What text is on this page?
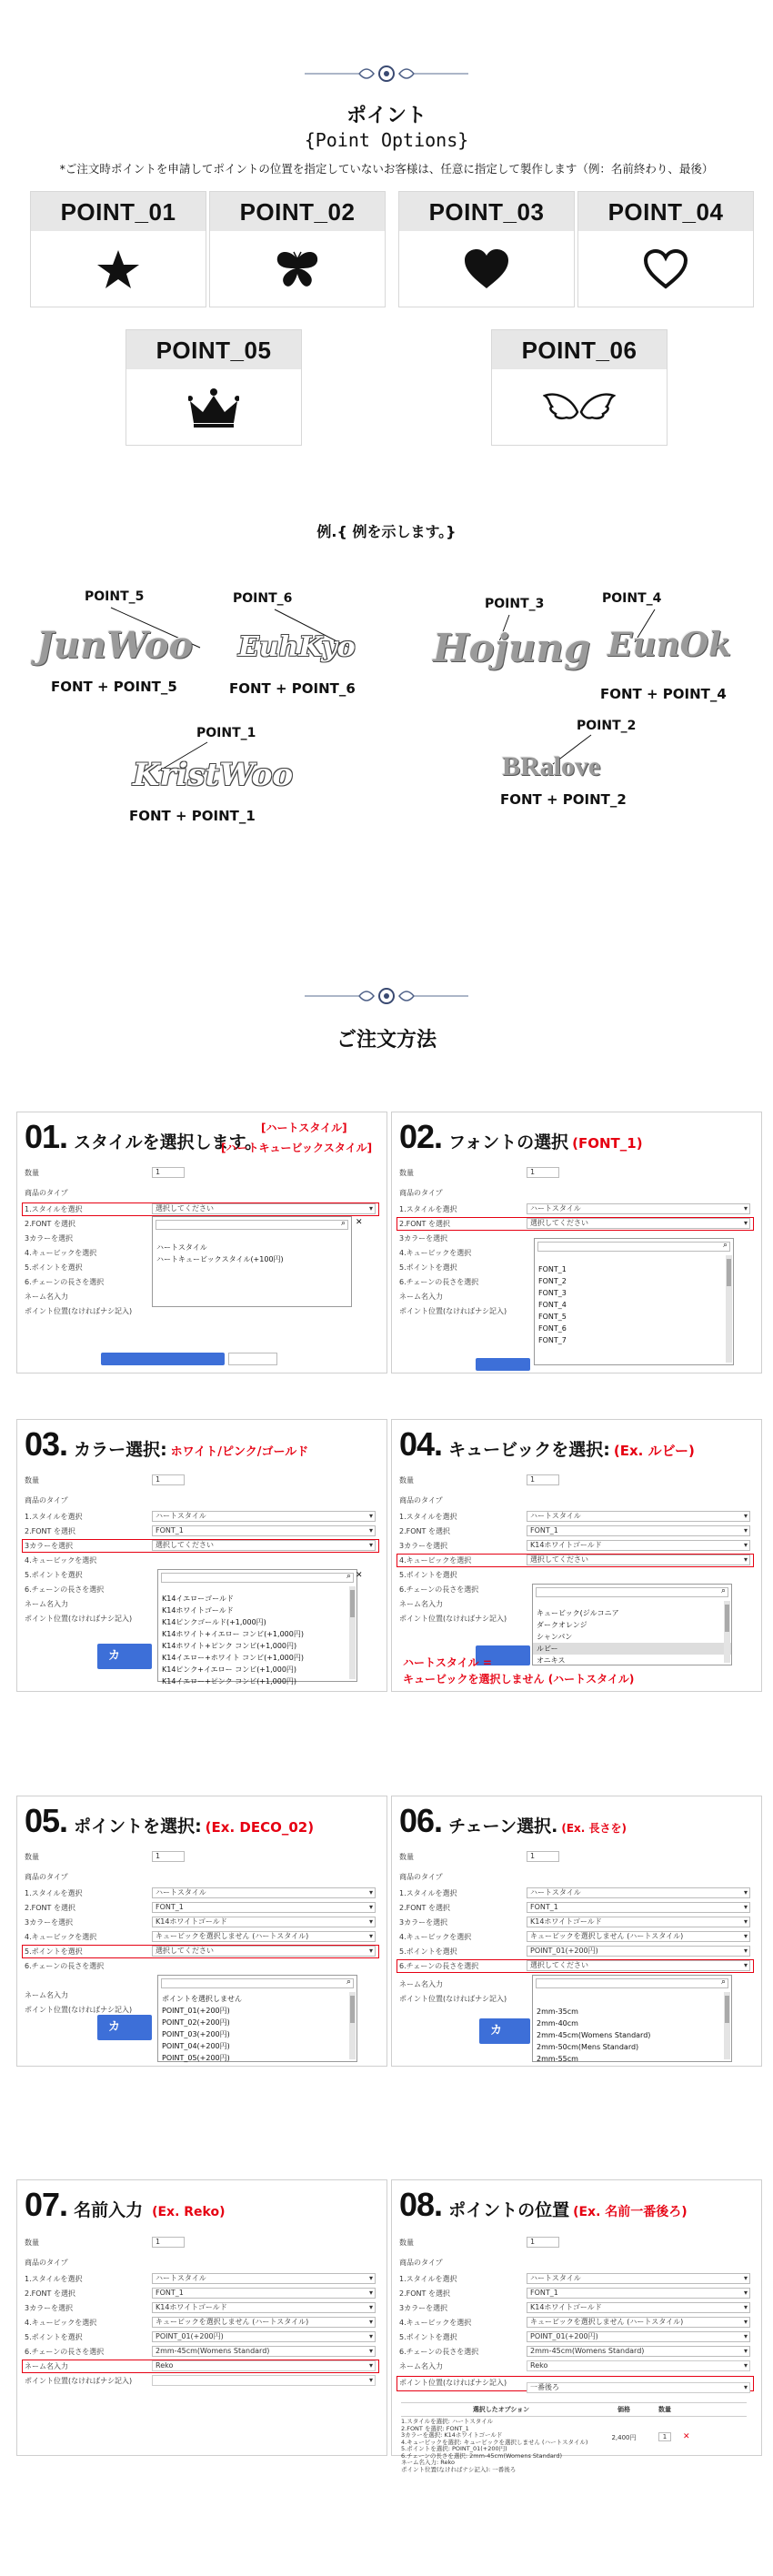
ポイント
{Point Options}
*ご注文時ポイントを申請してポイントの位置を指定していないお客様は、任意に指定して製作します（例：名前終わり、最後）
POINT_01	POINT_02	POINT_03	POINT_04
POINT_05	POINT_06
例.{ 例を示します。}
POINT_5
JunWoo
FONT + POINT_5
POINT_6
EuhKyo
FONT + POINT_6
POINT_3
Hojung
POINT_4
EunOk
FONT + POINT_4
POINT_1
KristWoo
FONT + POINT_1
POINT_2
BRalove
FONT + POINT_2
ご注文方法
01 . スタイルを選択します。
[ハートスタイル]
[ハートキュービックスタイル]
数量	1
商品のタイプ
1.スタイルを選択	選択してください ▾
2.FONT を選択
3カラーを選択
4.キュービックを選択
5.ポイントを選択
6.チェーンの長さを選択
ネーム名入力
ポイント位置(なければナシ記入)
⌕
ハートスタイル
ハートキュービックスタイル(+100円)
✕
02 . フォントの選択 (FONT_1)
数量	1
商品のタイプ
1.スタイルを選択	ハートスタイル ▾
2.FONT を選択	選択してください ▾
3カラーを選択
4.キュービックを選択
5.ポイントを選択
6.チェーンの長さを選択
ネーム名入力
ポイント位置(なければナシ記入)
⌕
FONT_1
FONT_2
FONT_3
FONT_4
FONT_5
FONT_6
FONT_7
03 . カラー選択: ホワイト/ピンク/ゴールド
数量	1
商品のタイプ
1.スタイルを選択	ハートスタイル ▾
2.FONT を選択	FONT_1 ▾
3カラーを選択	選択してください ▾
4.キュービックを選択
5.ポイントを選択
6.チェーンの長さを選択
ネーム名入力
ポイント位置(なければナシ記入)
⌕
K14イエローゴールド
K14ホワイトゴールド
K14ピンクゴールド(+1,000円)
K14ホワイト+イエロー コンビ(+1,000円)
K14ホワイト+ピンク コンビ(+1,000円)
K14イエロー+ホワイト コンビ(+1,000円)
K14ピンク+イエロー コンビ(+1,000円)
K14イエロー+ピンク コンビ(+1,000円)
✕
カ
04 . キュービックを選択: (Ex. ルビー)
数量	1
商品のタイプ
1.スタイルを選択	ハートスタイル ▾
2.FONT を選択	FONT_1 ▾
3カラーを選択	K14ホワイトゴールド ▾
4.キュービックを選択	選択してください ▾
5.ポイントを選択
6.チェーンの長さを選択
ネーム名入力
ポイント位置(なければナシ記入)
⌕
キュービック(ジルコニア
ダークオレンジ
シャンパン
ルビー
オニキス
ハートスタイル =
キュービックを選択しません (ハートスタイル)
05 . ポイントを選択: (Ex. DECO_02)
数量	1
商品のタイプ
1.スタイルを選択	ハートスタイル ▾
2.FONT を選択	FONT_1 ▾
3カラーを選択	K14ホワイトゴールド ▾
4.キュービックを選択	キュービックを選択しません (ハートスタイル) ▾
5.ポイントを選択	選択してください ▾
6.チェーンの長さを選択
ネーム名入力
ポイント位置(なければナシ記入)
⌕
ポイントを選択しません
POINT_01(+200円)
POINT_02(+200円)
POINT_03(+200円)
POINT_04(+200円)
POINT_05(+200円)
カ
06 . チェーン選択. (Ex. 長さを)
数量	1
商品のタイプ
1.スタイルを選択	ハートスタイル ▾
2.FONT を選択	FONT_1 ▾
3カラーを選択	K14ホワイトゴールド ▾
4.キュービックを選択	キュービックを選択しません (ハートスタイル) ▾
5.ポイントを選択	POINT_01(+200円) ▾
6.チェーンの長さを選択	選択してください ▾
ネーム名入力
ポイント位置(なければナシ記入)
⌕
2mm-35cm
2mm-40cm
2mm-45cm(Womens Standard)
2mm-50cm(Mens Standard)
2mm-55cm
カ
07 . 名前入力 (Ex. Reko)
数量	1
商品のタイプ
1.スタイルを選択	ハートスタイル ▾
2.FONT を選択	FONT_1 ▾
3カラーを選択	K14ホワイトゴールド ▾
4.キュービックを選択	キュービックを選択しません (ハートスタイル) ▾
5.ポイントを選択	POINT_01(+200円) ▾
6.チェーンの長さを選択	2mm-45cm(Womens Standard) ▾
ネーム名入力	Reko ▾
ポイント位置(なければナシ記入)
▾
08 . ポイントの位置 (Ex. 名前一番後ろ)
数量	1
商品のタイプ
1.スタイルを選択	ハートスタイル ▾
2.FONT を選択	FONT_1 ▾
3カラーを選択	K14ホワイトゴールド ▾
4.キュービックを選択	キュービックを選択しません (ハートスタイル) ▾
5.ポイントを選択	POINT_01(+200円) ▾
6.チェーンの長さを選択	2mm-45cm(Womens Standard) ▾
ネーム名入力	Reko ▾
ポイント位置(なければナシ記入)
一番後ろ ▾
選択したオプション	価格	数量
1.スタイルを選択: ハートスタイル
2.FONT を選択: FONT_1
3カラーを選択: K14ホワイトゴールド
4.キュービックを選択: キュービックを選択しません (ハートスタイル)
5.ポイントを選択: POINT_01(+200円)
6.チェーンの長さを選択: 2mm-45cm(Womens Standard)
ネーム名入力: Reko
ポイント位置(なければナシ記入): 一番後ろ
2,400円	1	✕
